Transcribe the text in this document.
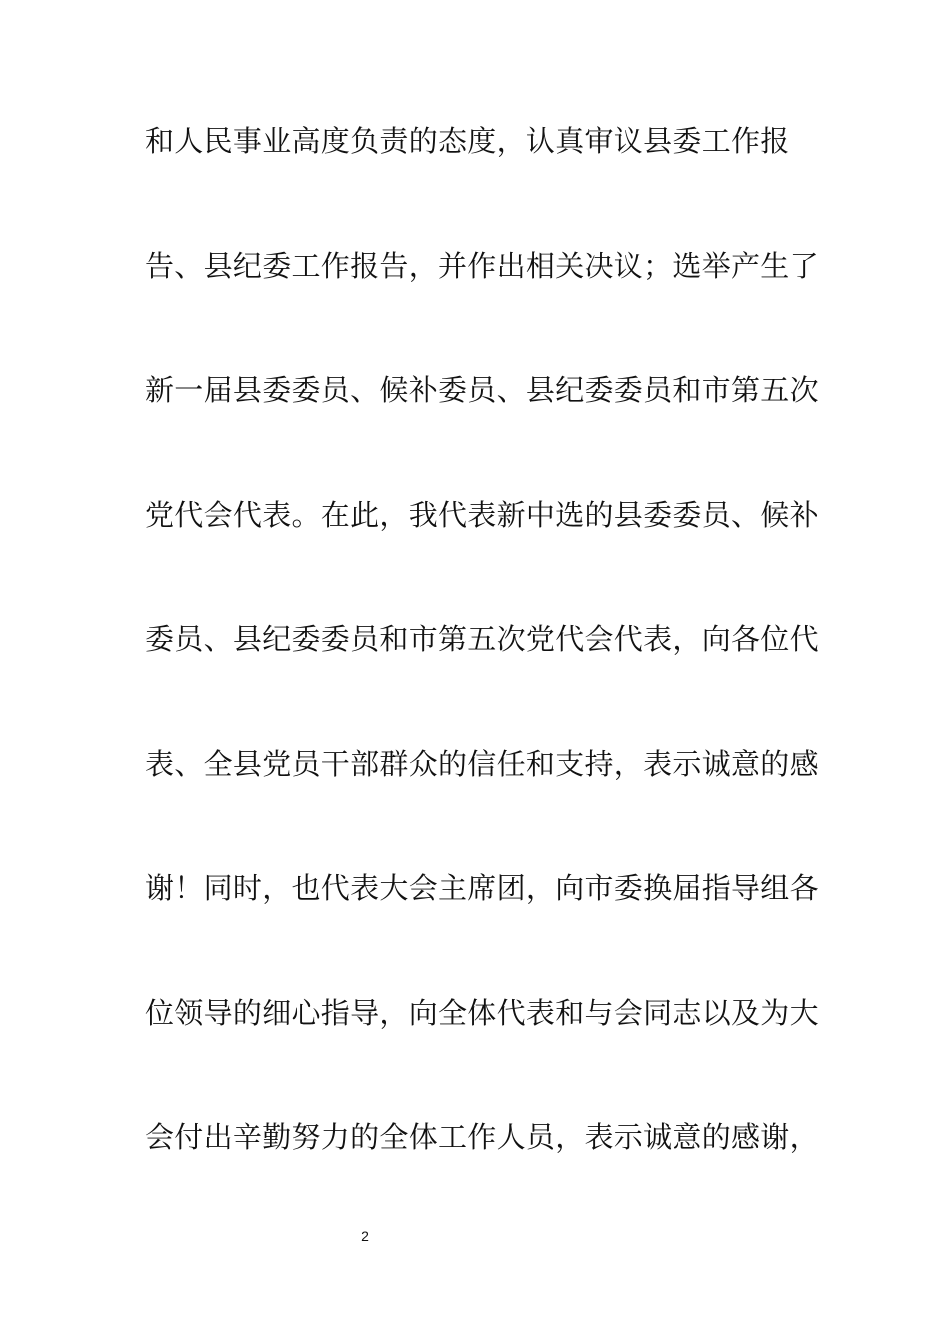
和人民事业高度负责的态度，认真审议县委工作报
告、县纪委工作报告，并作出相关决议；选举产生了
新一届县委委员、候补委员、县纪委委员和市第五次
党代会代表。在此，我代表新中选的县委委员、候补
委员、县纪委委员和市第五次党代会代表，向各位代
表、全县党员干部群众的信任和支持，表示诚意的感
谢！同时，也代表大会主席团，向市委换届指导组各
位领导的细心指导，向全体代表和与会同志以及为大
会付出辛勤努力的全体工作人员，表示诚意的感谢，
2
